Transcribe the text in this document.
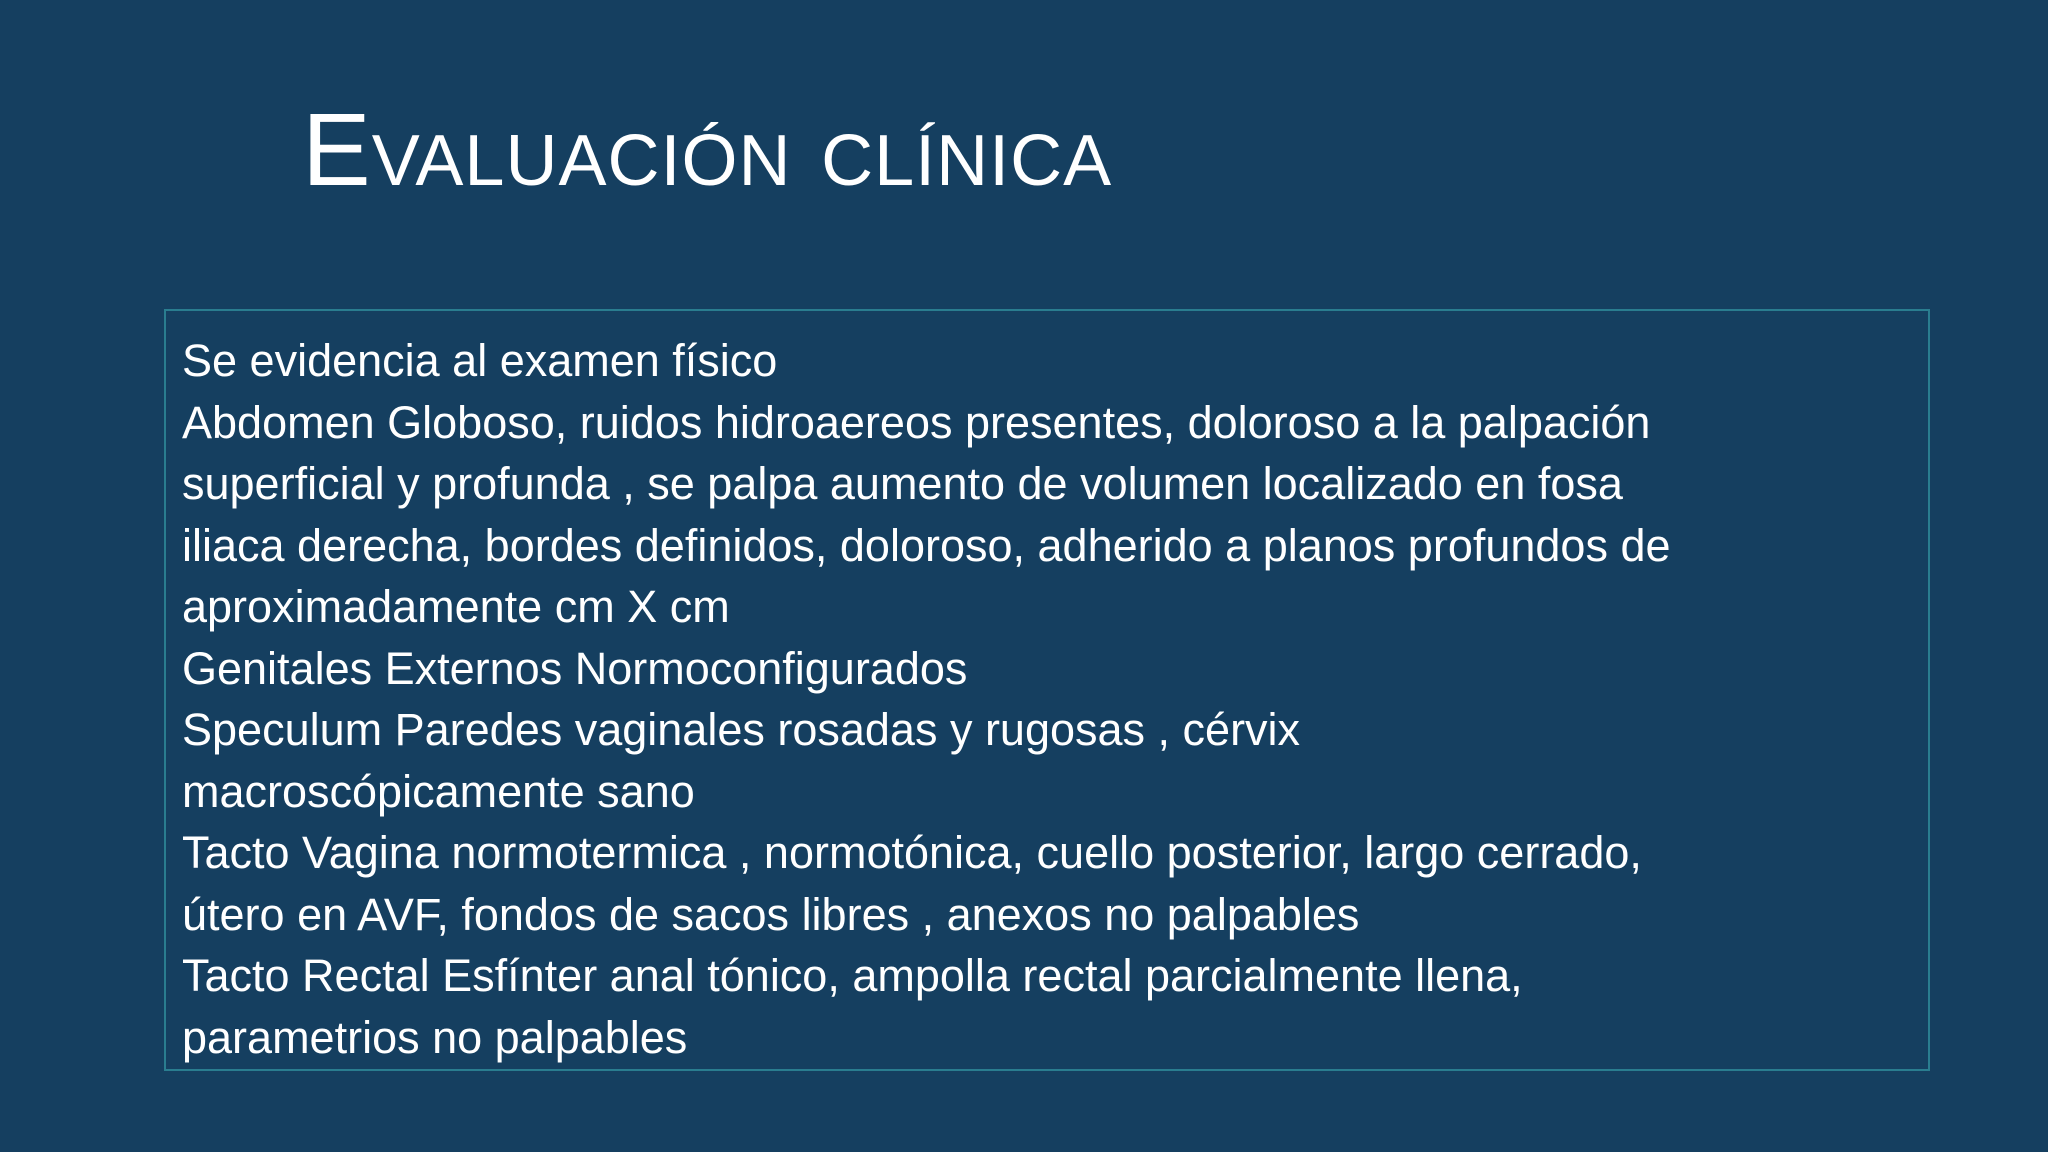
Evaluación clínica
Se evidencia al examen físico
Abdomen Globoso, ruidos hidroaereos presentes, doloroso a la palpación
superficial y profunda , se palpa aumento de volumen localizado en fosa
iliaca derecha, bordes definidos, doloroso, adherido a planos profundos de
aproximadamente cm X cm
Genitales Externos Normoconfigurados
Speculum Paredes vaginales rosadas y rugosas , cérvix
macroscópicamente sano
Tacto Vagina normotermica , normotónica, cuello posterior, largo cerrado,
útero en AVF, fondos de sacos libres , anexos no palpables
Tacto Rectal Esfínter anal tónico, ampolla rectal parcialmente llena,
parametrios no palpables
